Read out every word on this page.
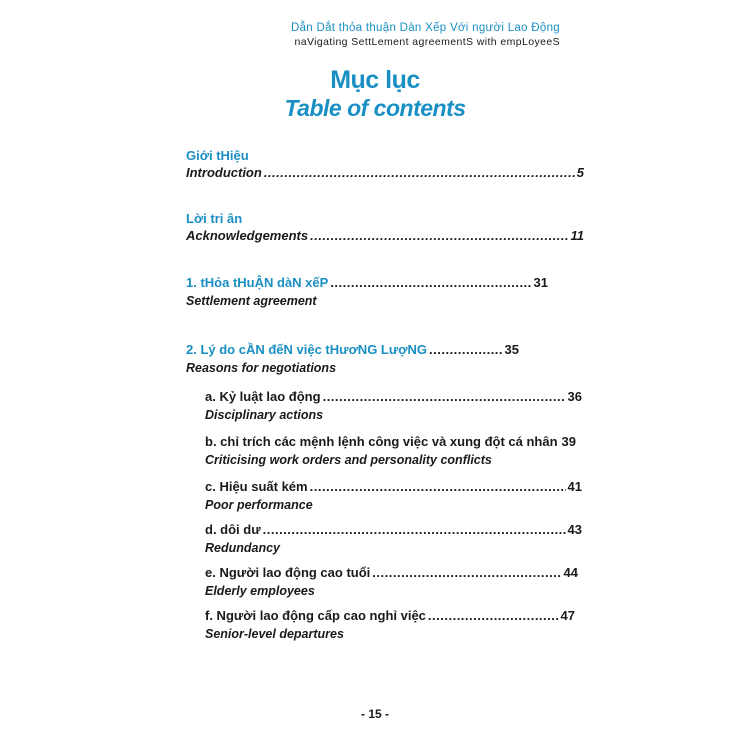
Dẫn Dắt thỏa thuận Dàn Xếp Với người Lao Động
naVigating SettLement agreementS with empLoyeeS
Mục lục
Table of contents
Giới tHiệu
Introduction .....	5
Lời tri ân
Acknowledgements .....	11
1. tHỏa tHuẬN dàN xếP .....	31
Settlement agreement
2. Lý do cẦN đếN việc tHươNG LượNG .....	35
Reasons for negotiations
a. Kỷ luật lao động .....	36
Disciplinary actions
b. chỉ trích các mệnh lệnh công việc và xung đột cá nhân 39
Criticising work orders and personality conflicts
c. Hiệu suất kém .....	41
Poor performance
d. dôi dư .....	43
Redundancy
e. Người lao động cao tuổi .....	44
Elderly employees
f. Người lao động cấp cao nghỉ việc .....	47
Senior-level departures
- 15 -
